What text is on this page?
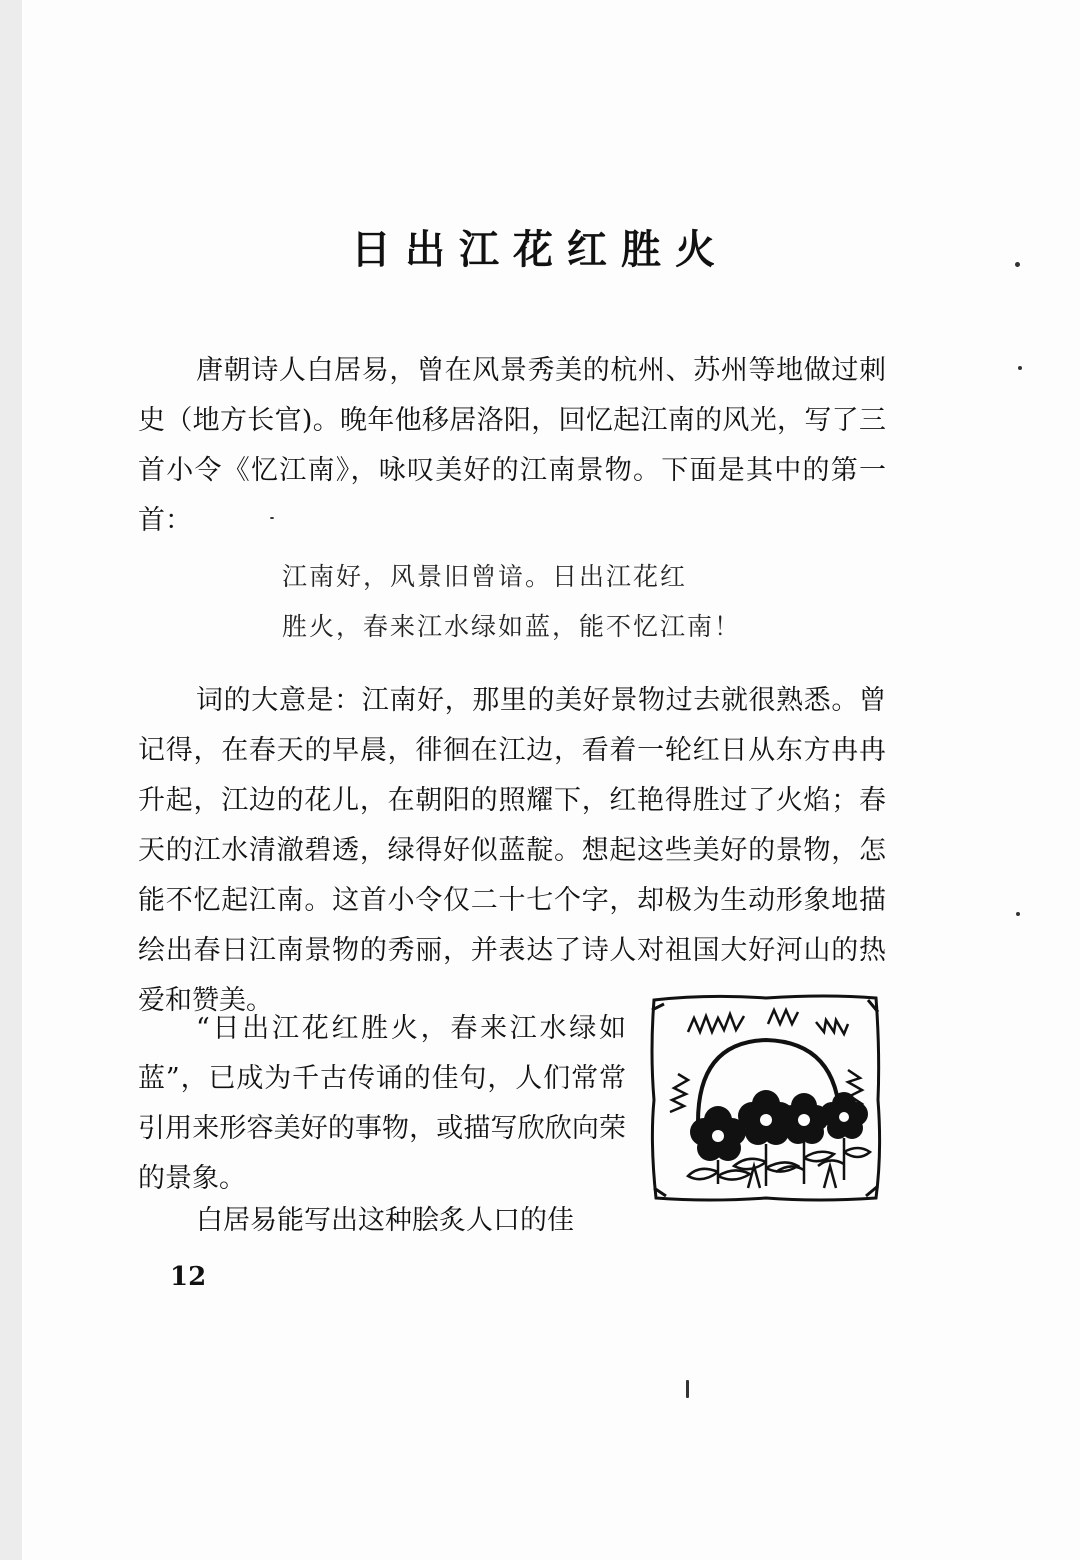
日出江花红胜火

唐朝诗人白居易，曾在风景秀美的杭州、苏州等地做过刺史（地方长官)。晚年他移居洛阳，回忆起江南的风光，写了三首小令《忆江南》，咏叹美好的江南景物。下面是其中的第一首：

江南好，风景旧曾谙。日出江花红
胜火，春来江水绿如蓝，能不忆江南！

词的大意是：江南好，那里的美好景物过去就很熟悉。曾记得，在春天的早晨，徘徊在江边，看着一轮红日从东方冉冉升起，江边的花儿，在朝阳的照耀下，红艳得胜过了火焰；春天的江水清澈碧透，绿得好似蓝靛。想起这些美好的景物，怎能不忆起江南。这首小令仅二十七个字，却极为生动形象地描绘出春日江南景物的秀丽，并表达了诗人对祖国大好河山的热爱和赞美。

“日出江花红胜火，春来江水绿如蓝”，已成为千古传诵的佳句，人们常常引用来形容美好的事物，或描写欣欣向荣的景象。

白居易能写出这种脍炙人口的佳

12
